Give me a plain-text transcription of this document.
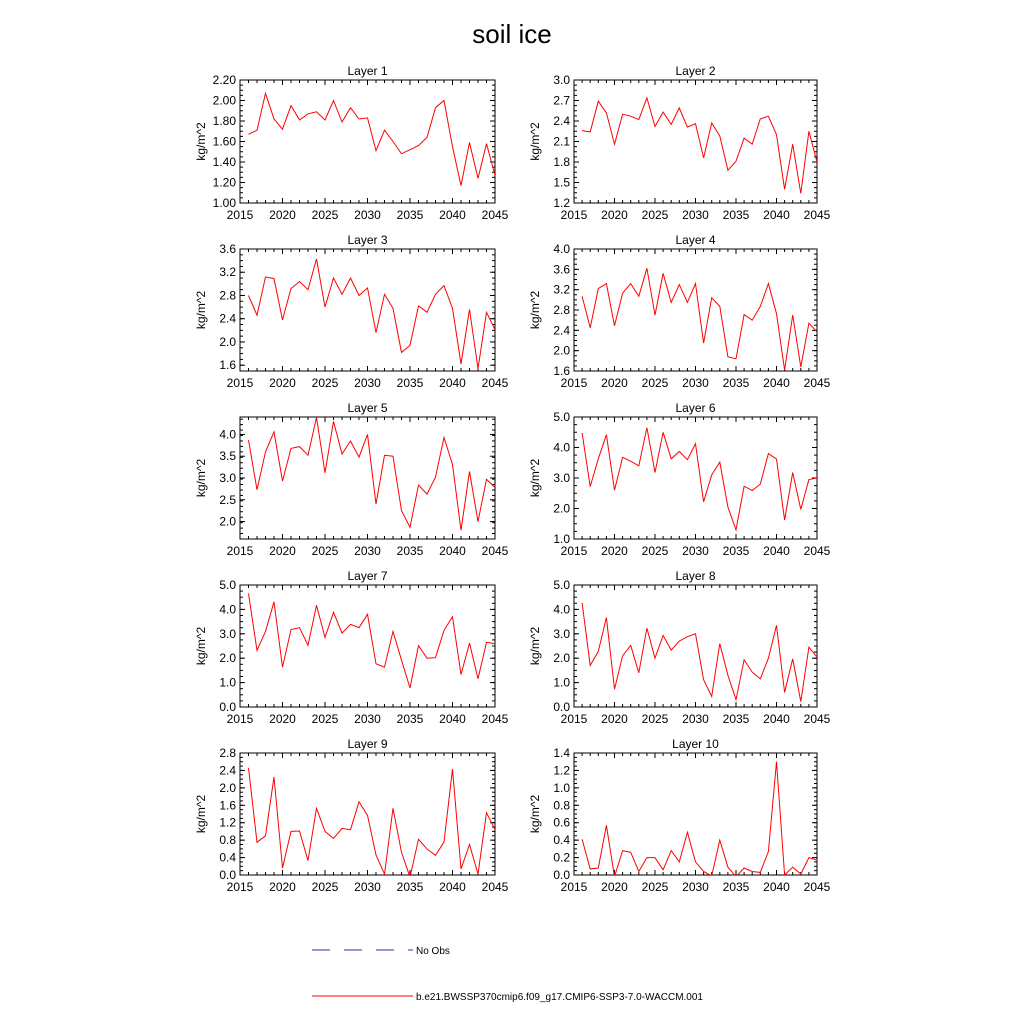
soil ice
Layer 1
2015 2020 2025 2030 2035 2040 2045
1.00
1.20
1.40
1.60
1.80
2.00
2.20
kg/m^2
Layer 2
2015 2020 2025 2030 2035 2040 2045
1.2
1.5
1.8
2.1
2.4
2.7
3.0
kg/m^2
Layer 3
2015 2020 2025 2030 2035 2040 2045
1.6
2.0
2.4
2.8
3.2
3.6
kg/m^2
Layer 4
2015 2020 2025 2030 2035 2040 2045
1.6
2.0
2.4
2.8
3.2
3.6
4.0
kg/m^2
Layer 5
2015 2020 2025 2030 2035 2040 2045
2.0
2.5
3.0
3.5
4.0
kg/m^2
Layer 6
2015 2020 2025 2030 2035 2040 2045
1.0
2.0
3.0
4.0
5.0
kg/m^2
Layer 7
2015 2020 2025 2030 2035 2040 2045
0.0
1.0
2.0
3.0
4.0
5.0
kg/m^2
Layer 8
2015 2020 2025 2030 2035 2040 2045
0.0
1.0
2.0
3.0
4.0
5.0
kg/m^2
Layer 9
2015 2020 2025 2030 2035 2040 2045
0.0
0.4
0.8
1.2
1.6
2.0
2.4
2.8
kg/m^2
Layer 10
2015 2020 2025 2030 2035 2040 2045
0.0
0.2
0.4
0.6
0.8
1.0
1.2
1.4
kg/m^2
No Obs
b.e21.BWSSP370cmip6.f09_g17.CMIP6-SSP3-7.0-WACCM.001
